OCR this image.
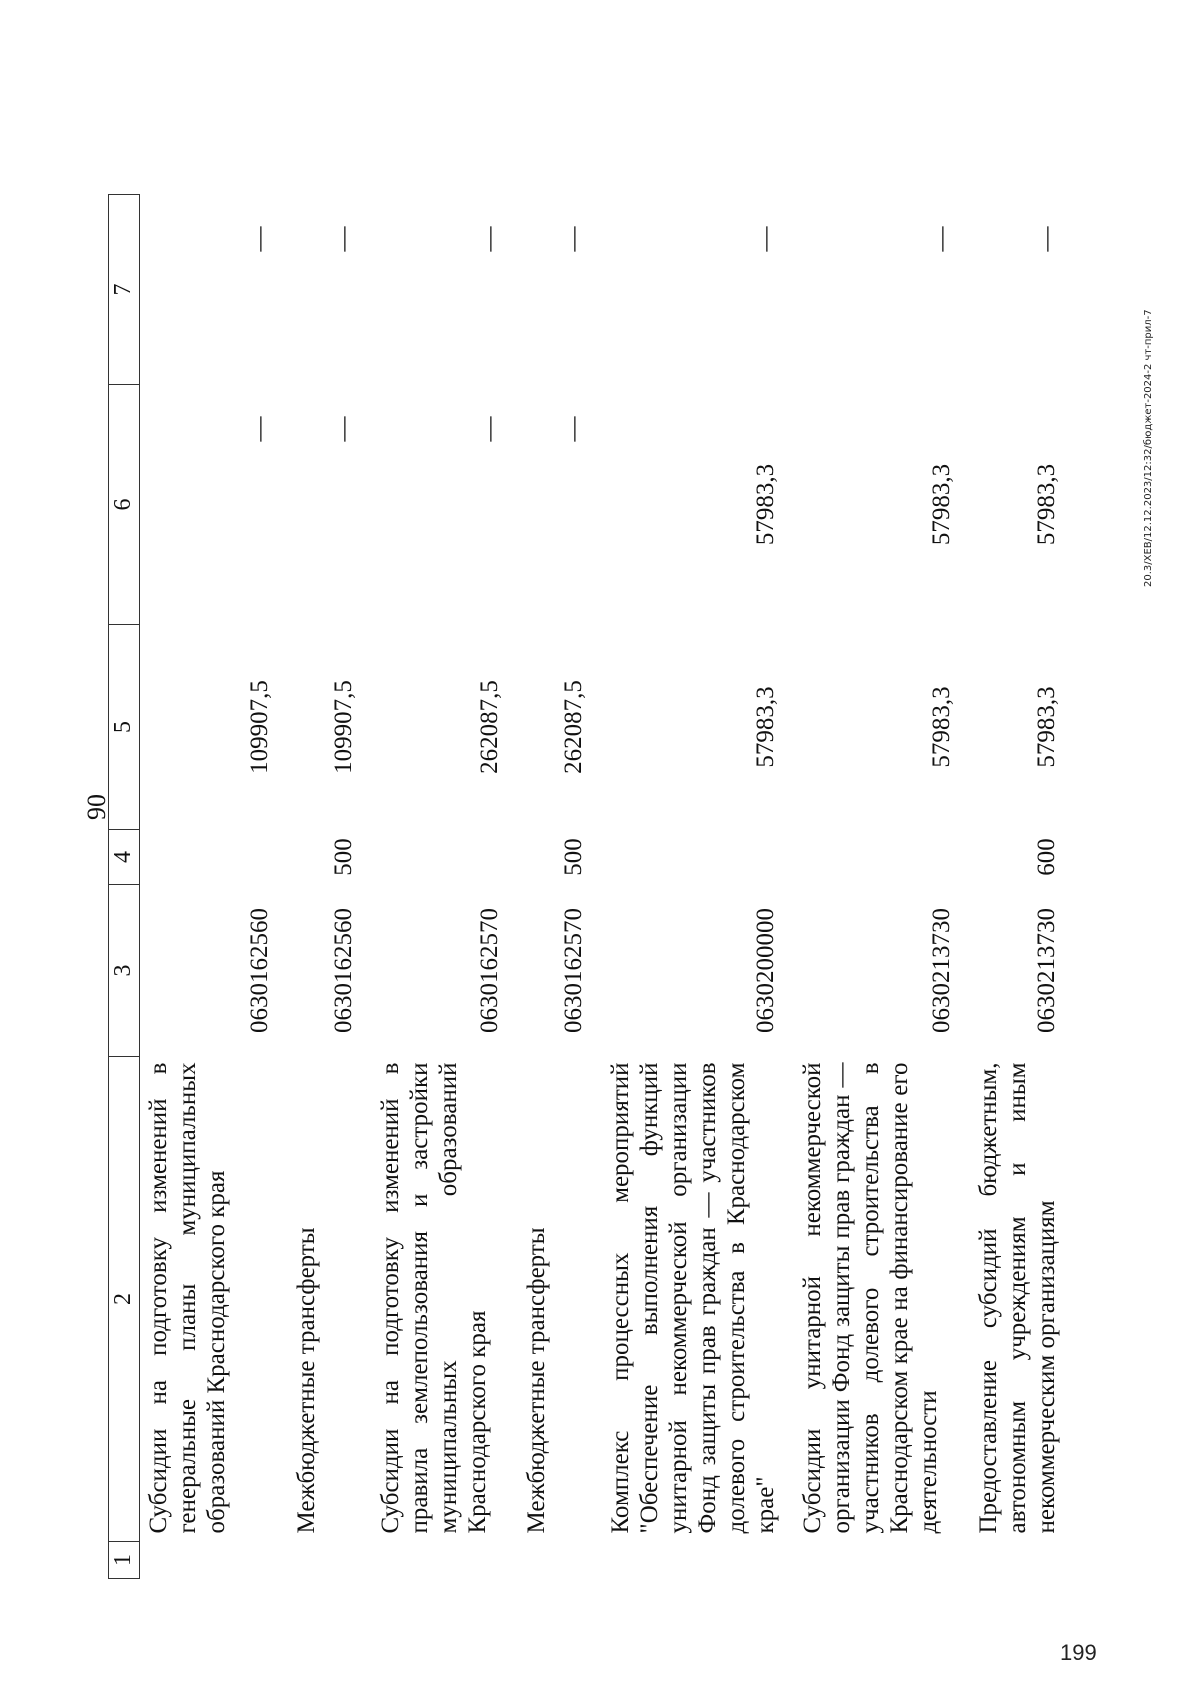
90
1	2	3	4	5	6	7
	Субсидии на подготовку изменений в генеральные планы муниципальных образований Краснодарского края	0630162560		109907,5	—	—
	Межбюджетные трансферты	0630162560	500	109907,5	—	—
	Субсидии на подготовку изменений в правила землепользования и застройки муниципальных образований Краснодарского края	0630162570		262087,5	—	—
	Межбюджетные трансферты	0630162570	500	262087,5	—	—
	Комплекс процессных мероприятий "Обеспечение выполнения функций унитарной некоммерческой организации Фонд защиты прав граждан — участников долевого строительства в Краснодарском крае"	0630200000		57983,3	57983,3	—
	Субсидии унитарной некоммерческой организации Фонд защиты прав граждан — участников долевого строительства в Краснодарском крае на финансирование его деятельности	0630213730		57983,3	57983,3	—
	Предоставление субсидий бюджетным, автономным учреждениям и иным некоммерческим организациям	0630213730	600	57983,3	57983,3	—
20.3/XEB/12.12.2023/12:32/бюджет-2024-2 чт-прил-7
199
